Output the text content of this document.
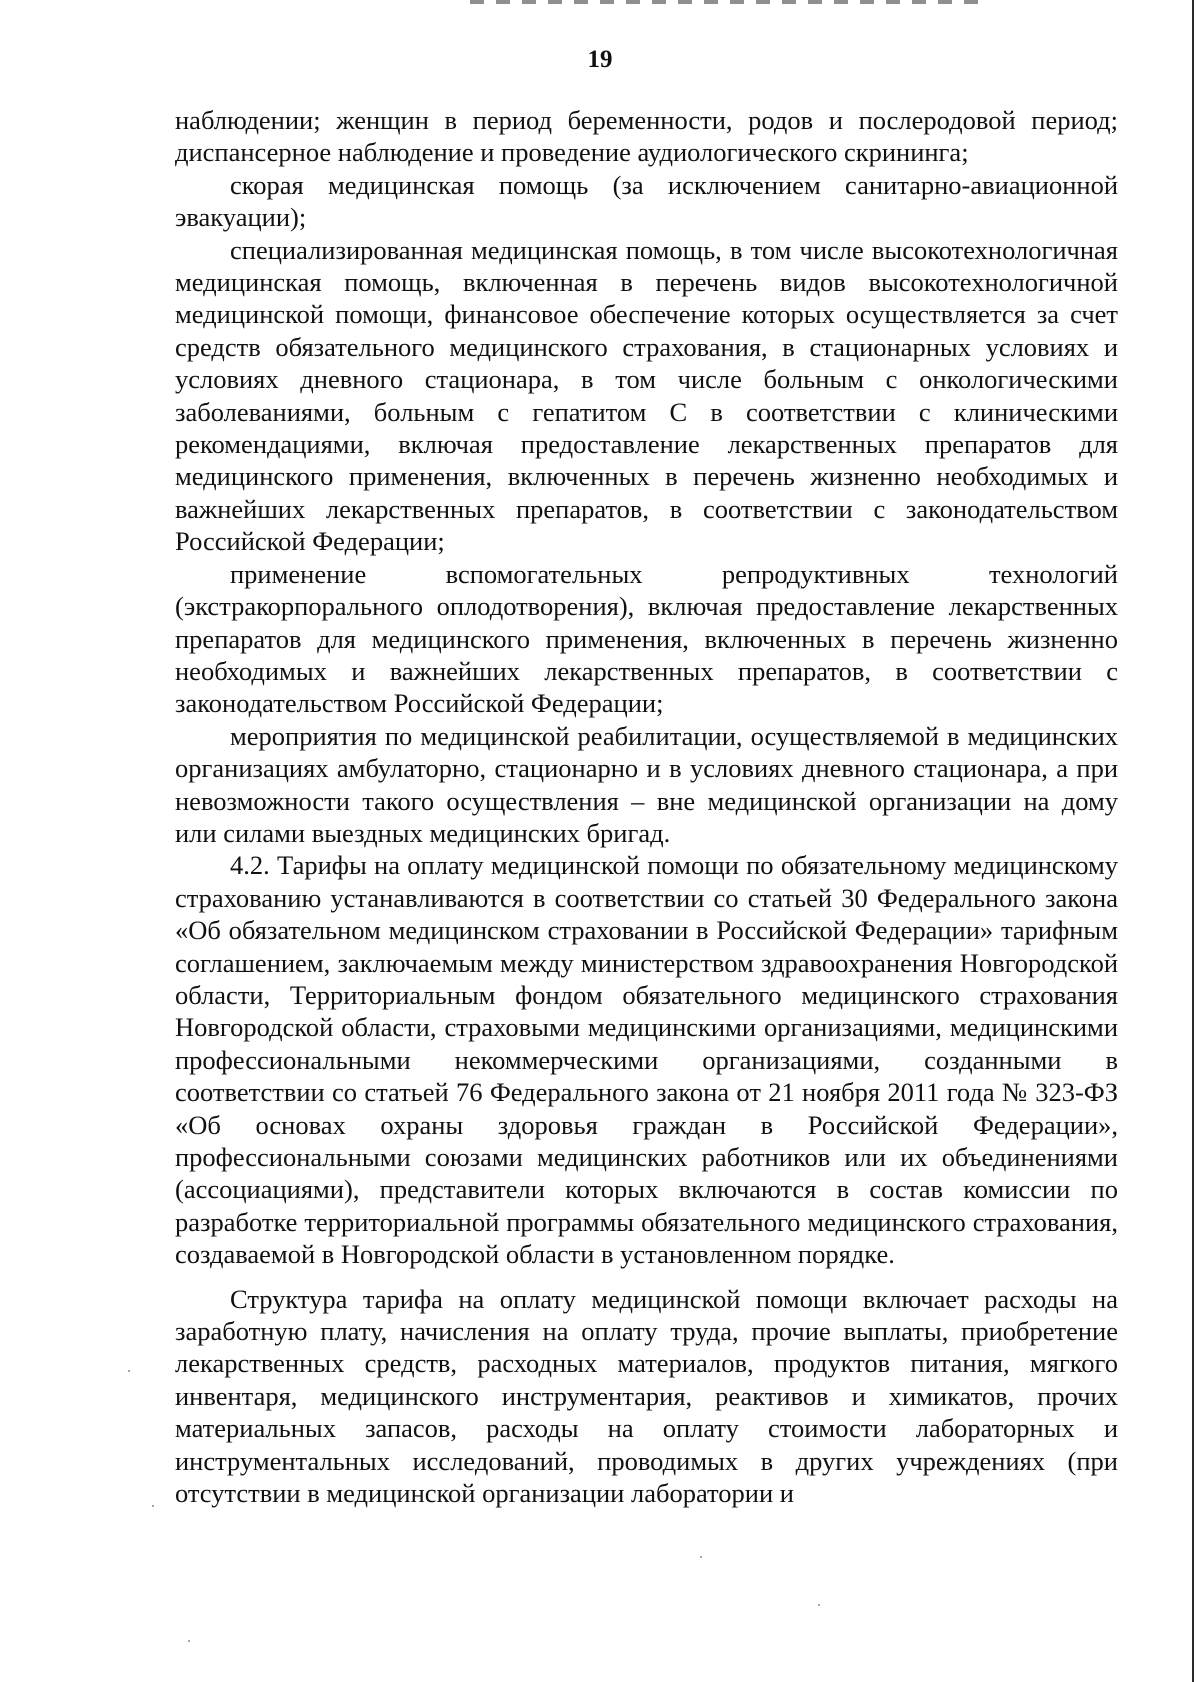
19

наблюдении; женщин в период беременности, родов и послеродовой период; диспансерное наблюдение и проведение аудиологического скрининга;

скорая медицинская помощь (за исключением санитарно-авиационной эвакуации);

специализированная медицинская помощь, в том числе высокотехнологичная медицинская помощь, включенная в перечень видов высокотехнологичной медицинской помощи, финансовое обеспечение которых осуществляется за счет средств обязательного медицинского страхования, в стационарных условиях и условиях дневного стационара, в том числе больным с онкологическими заболеваниями, больным с гепатитом С в соответствии с клиническими рекомендациями, включая предоставление лекарственных препаратов для медицинского применения, включенных в перечень жизненно необходимых и важнейших лекарственных препаратов, в соответствии с законодательством Российской Федерации;

применение вспомогательных репродуктивных технологий (экстракорпорального оплодотворения), включая предоставление лекарственных препаратов для медицинского применения, включенных в перечень жизненно необходимых и важнейших лекарственных препаратов, в соответствии с законодательством Российской Федерации;

мероприятия по медицинской реабилитации, осуществляемой в медицинских организациях амбулаторно, стационарно и в условиях дневного стационара, а при невозможности такого осуществления – вне медицинской организации на дому или силами выездных медицинских бригад.

4.2. Тарифы на оплату медицинской помощи по обязательному медицинскому страхованию устанавливаются в соответствии со статьей 30 Федерального закона «Об обязательном медицинском страховании в Российской Федерации» тарифным соглашением, заключаемым между министерством здравоохранения Новгородской области, Территориальным фондом обязательного медицинского страхования Новгородской области, страховыми медицинскими организациями, медицинскими профессиональными некоммерческими организациями, созданными в соответствии со статьей 76 Федерального закона от 21 ноября 2011 года № 323-ФЗ «Об основах охраны здоровья граждан в Российской Федерации», профессиональными союзами медицинских работников или их объединениями (ассоциациями), представители которых включаются в состав комиссии по разработке территориальной программы обязательного медицинского страхования, создаваемой в Новгородской области в установленном порядке.

Структура тарифа на оплату медицинской помощи включает расходы на заработную плату, начисления на оплату труда, прочие выплаты, приобретение лекарственных средств, расходных материалов, продуктов питания, мягкого инвентаря, медицинского инструментария, реактивов и химикатов, прочих материальных запасов, расходы на оплату стоимости лабораторных и инструментальных исследований, проводимых в других учреждениях (при отсутствии в медицинской организации лаборатории и
